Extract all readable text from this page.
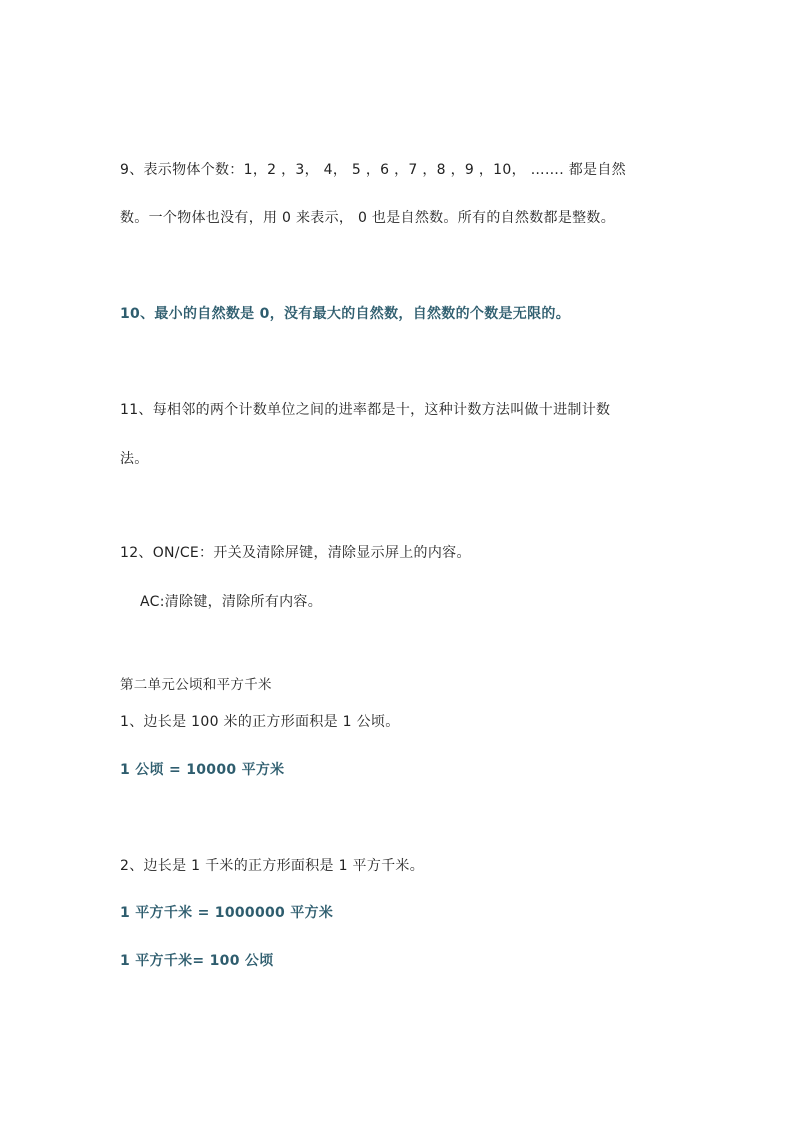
9、表示物体个数：1，2 ，3， 4， 5 ，6 ，7 ，8 ，9 ，10， ……. 都是自然
数。一个物体也没有，用 0 来表示， 0 也是自然数。所有的自然数都是整数。
10、最小的自然数是 0，没有最大的自然数，自然数的个数是无限的。
11、每相邻的两个计数单位之间的进率都是十，这种计数方法叫做十进制计数
法。
12、ON/CE：开关及清除屏键，清除显示屏上的内容。
AC:清除键，清除所有内容。
第二单元公顷和平方千米
1、边长是 100 米的正方形面积是 1 公顷。
1 公顷 = 10000 平方米
2、边长是 1 千米的正方形面积是 1 平方千米。
1 平方千米 = 1000000 平方米
1 平方千米= 100 公顷
